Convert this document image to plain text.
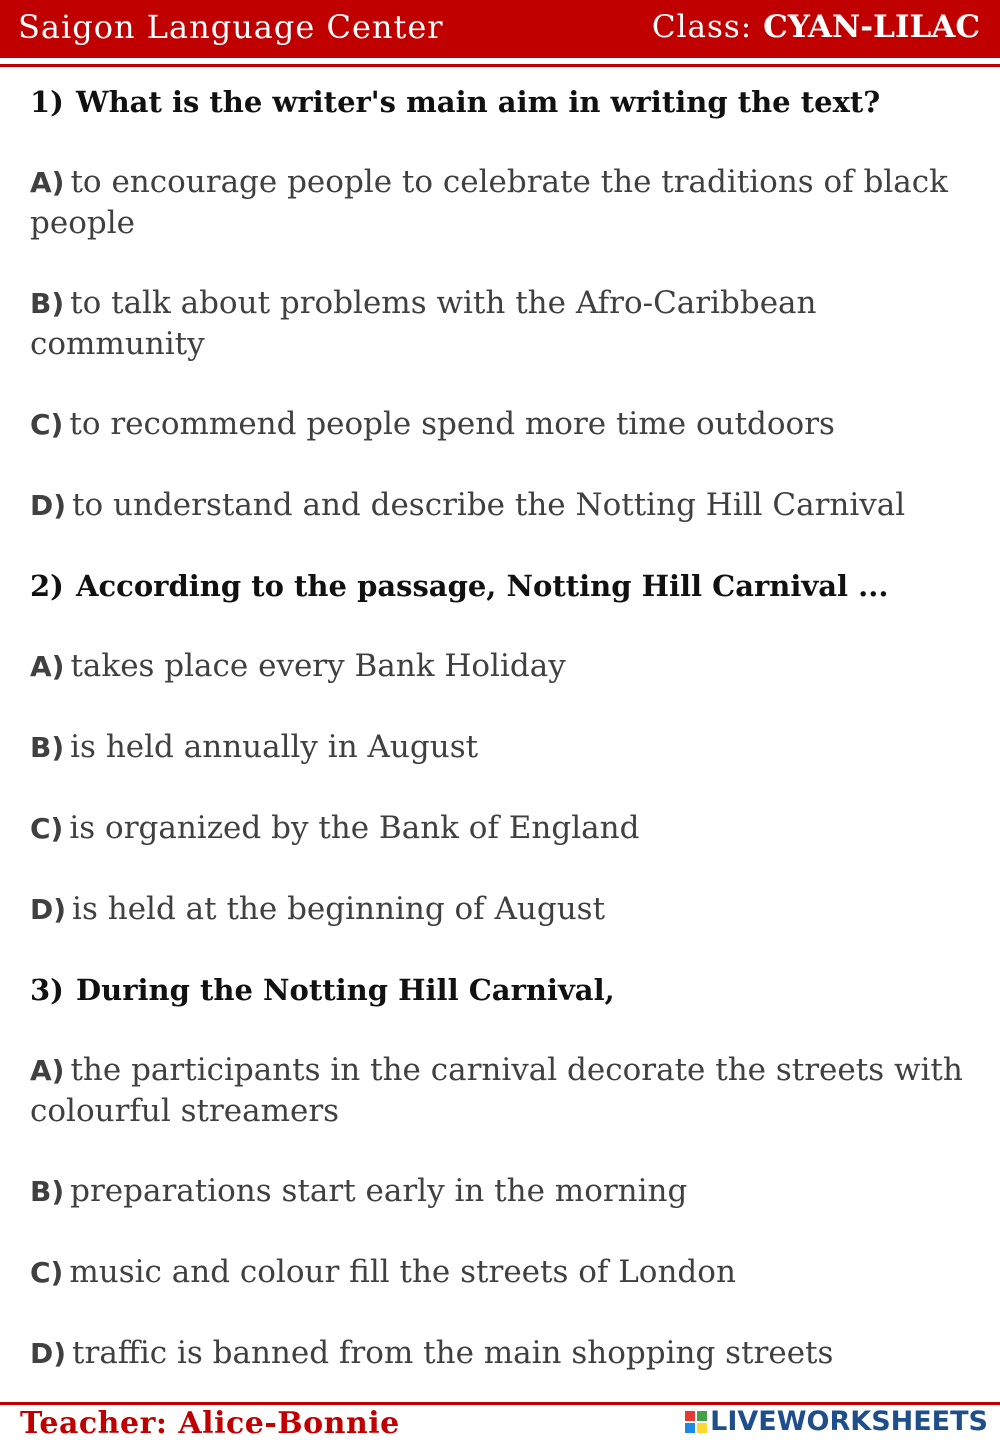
Saigon Language Center	Class: CYAN-LILAC
1) What is the writer's main aim in writing the text?
A) to encourage people to celebrate the traditions of black people
B) to talk about problems with the Afro-Caribbean community
C) to recommend people spend more time outdoors
D) to understand and describe the Notting Hill Carnival
2) According to the passage, Notting Hill Carnival ...
A) takes place every Bank Holiday
B) is held annually in August
C) is organized by the Bank of England
D) is held at the beginning of August
3) During the Notting Hill Carnival,
A) the participants in the carnival decorate the streets with colourful streamers
B) preparations start early in the morning
C) music and colour fill the streets of London
D) traffic is banned from the main shopping streets
Teacher: Alice-Bonnie	LIVEWORKSHEETS
